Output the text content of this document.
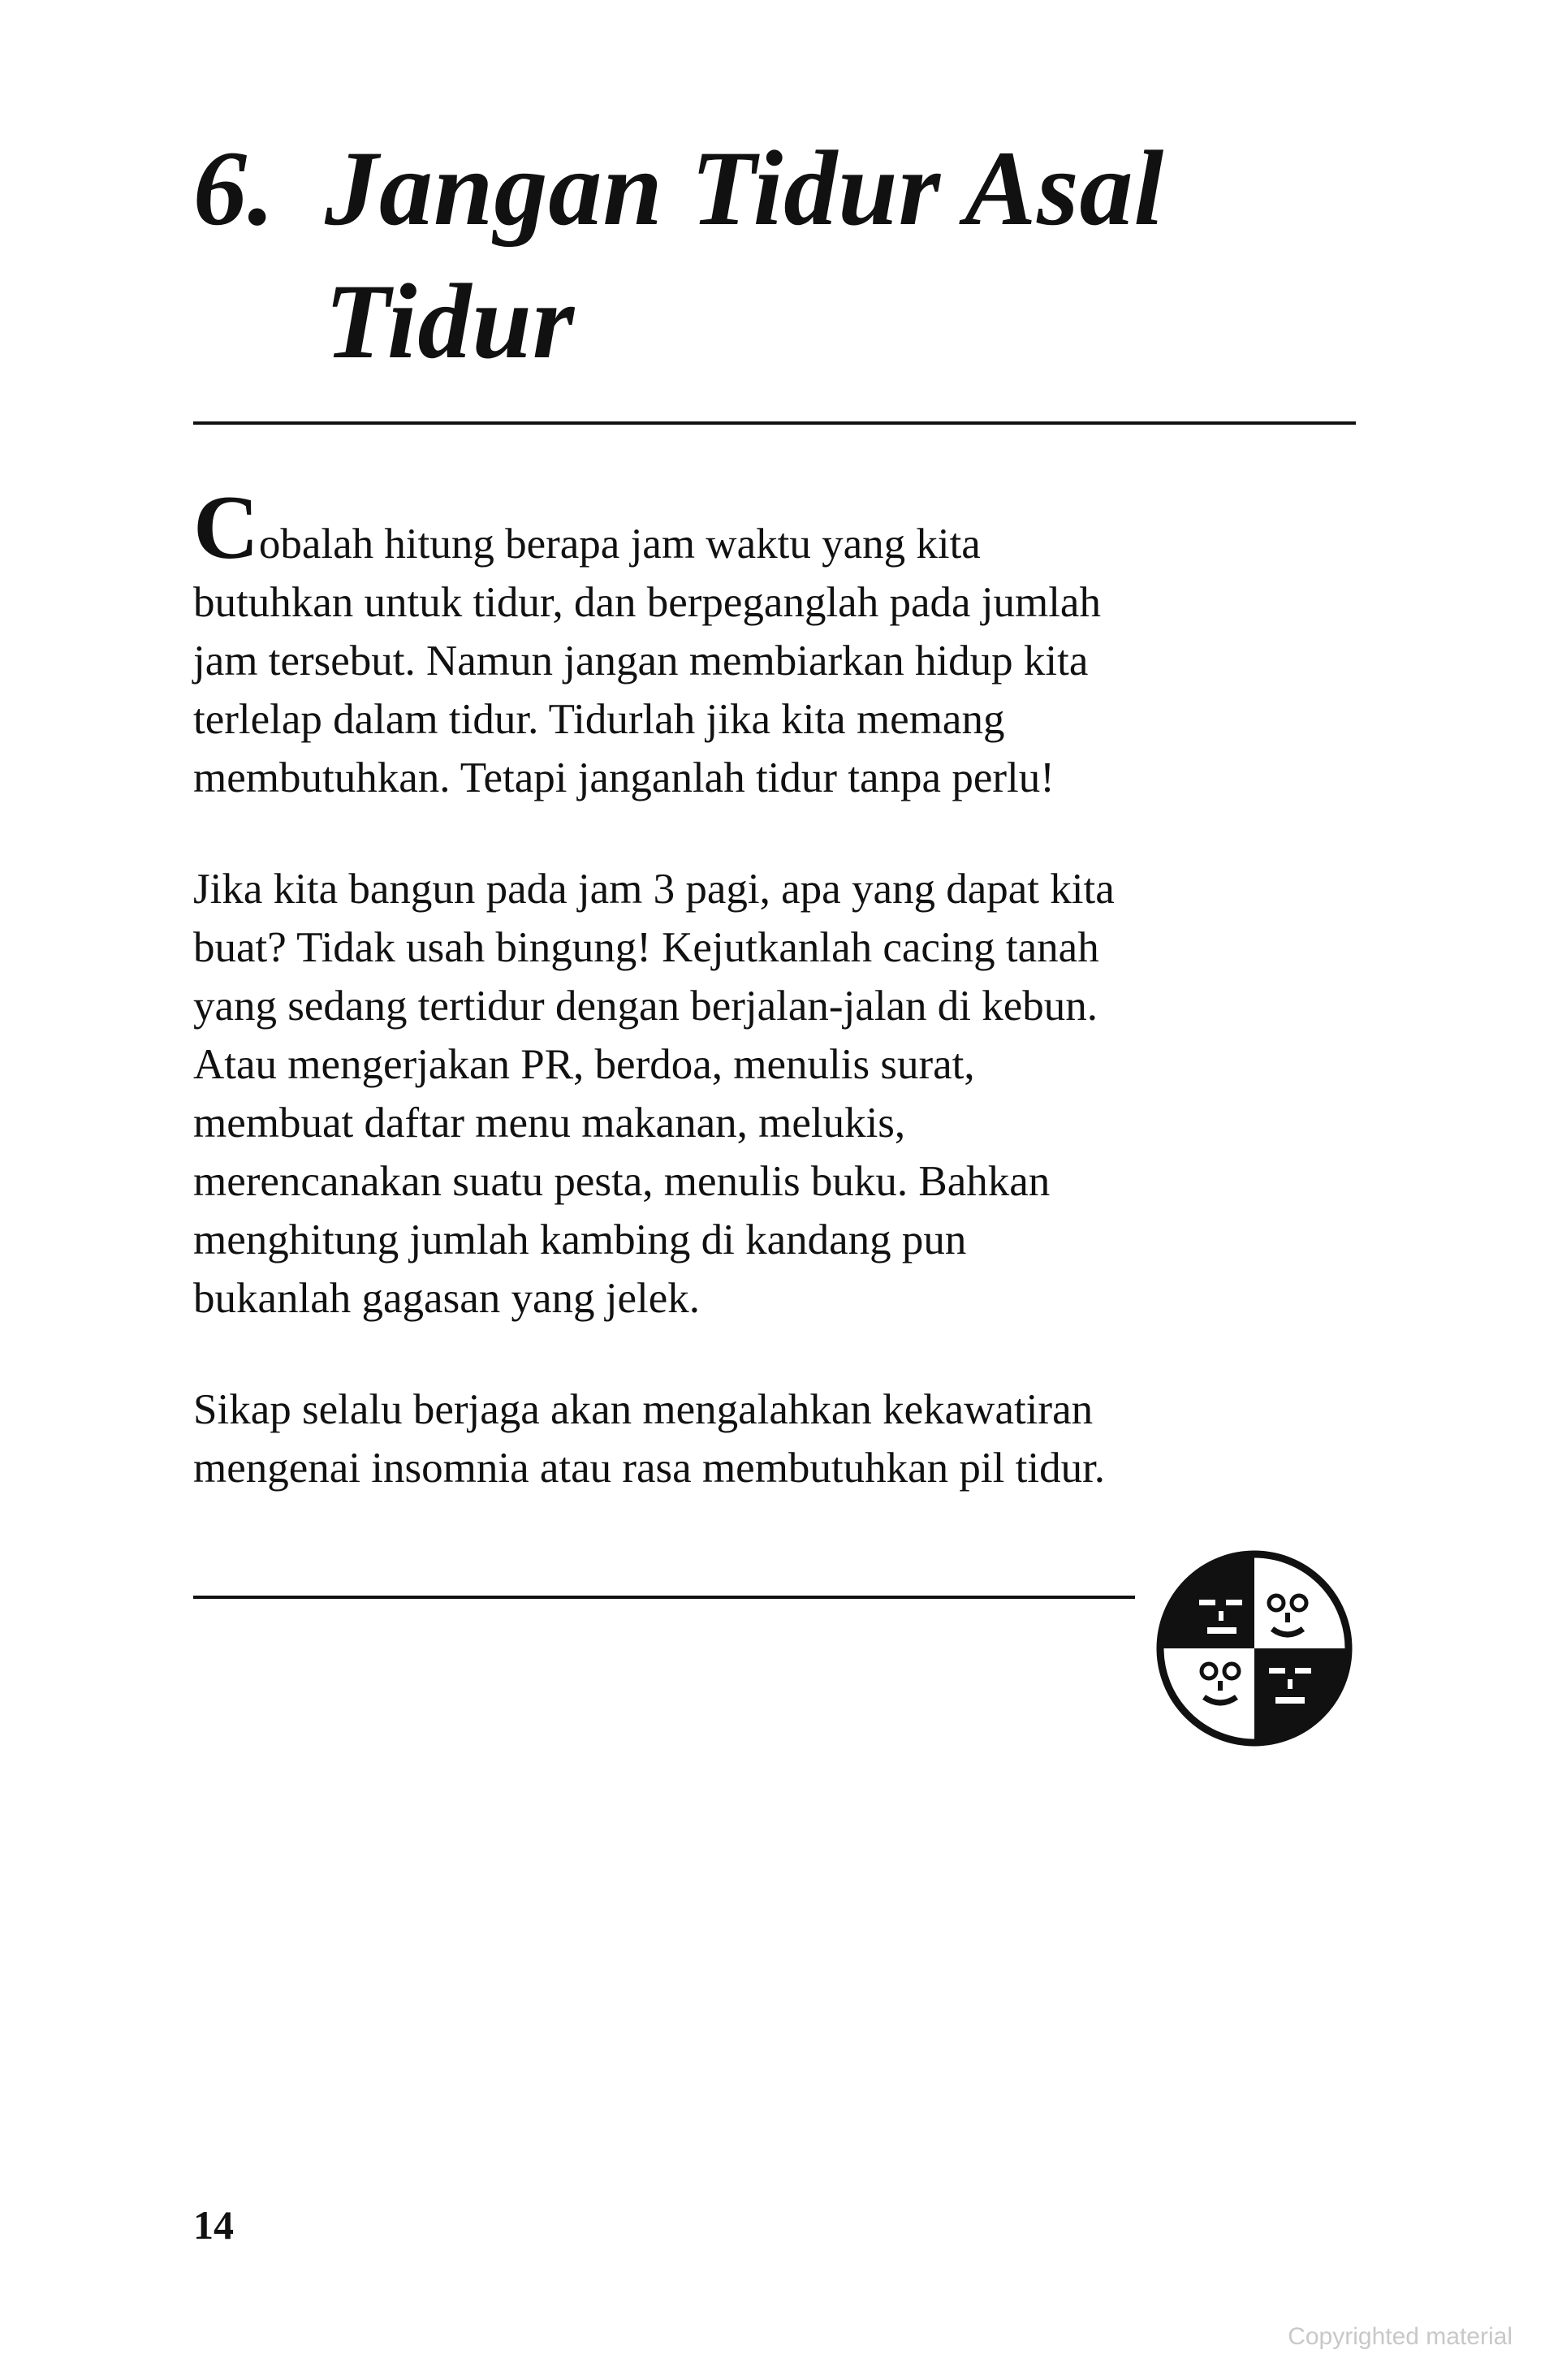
6. Jangan Tidur Asal
Tidur

Cobalah hitung berapa jam waktu yang kita
butuhkan untuk tidur, dan berpeganglah pada jumlah
jam tersebut. Namun jangan membiarkan hidup kita
terlelap dalam tidur. Tidurlah jika kita memang
membutuhkan. Tetapi janganlah tidur tanpa perlu!

Jika kita bangun pada jam 3 pagi, apa yang dapat kita
buat? Tidak usah bingung! Kejutkanlah cacing tanah
yang sedang tertidur dengan berjalan-jalan di kebun.
Atau mengerjakan PR, berdoa, menulis surat,
membuat daftar menu makanan, melukis,
merencanakan suatu pesta, menulis buku. Bahkan
menghitung jumlah kambing di kandang pun
bukanlah gagasan yang jelek.

Sikap selalu berjaga akan mengalahkan kekawatiran
mengenai insomnia atau rasa membutuhkan pil tidur.

14

Copyrighted material
